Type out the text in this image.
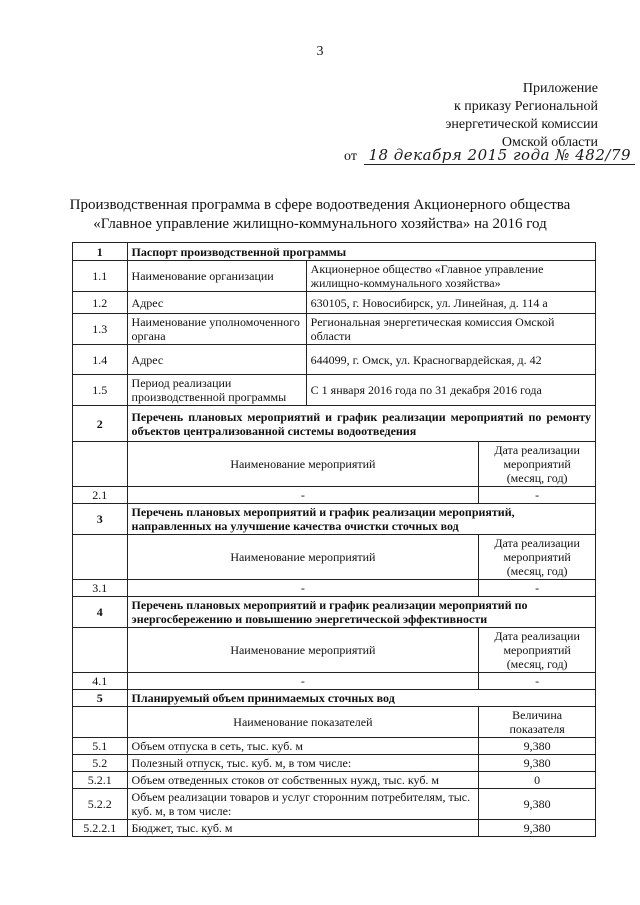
3
Приложение
к приказу Региональной
энергетической комиссии
Омской области
от 18 декабря 2015 года № 482/79
Производственная программа в сфере водоотведения Акционерного общества
«Главное управление жилищно-коммунального хозяйства» на 2016 год
1	Паспорт производственной программы		
1.1	Наименование организации	Акционерное общество «Главное управление жилищно-коммунального хозяйства»	
1.2	Адрес	630105, г. Новосибирск, ул. Линейная, д. 114 а	
1.3	Наименование уполномоченного органа	Региональная энергетическая комиссия Омской области	
1.4	Адрес	644099, г. Омск, ул. Красногвардейская, д. 42	
1.5	Период реализации производственной программы	С 1 января 2016 года по 31 декабря 2016 года	
2	Перечень плановых мероприятий и график реализации мероприятий по ремонту объектов централизованной системы водоотведения		
	Наименование мероприятий		Дата реализации мероприятий (месяц, год)
2.1	-		-
3	Перечень плановых мероприятий и график реализации мероприятий, направленных на улучшение качества очистки сточных вод		
	Наименование мероприятий		Дата реализации мероприятий (месяц, год)
3.1	-		-
4	Перечень плановых мероприятий и график реализации мероприятий по энергосбережению и повышению энергетической эффективности		
	Наименование мероприятий		Дата реализации мероприятий (месяц, год)
4.1	-		-
5	Планируемый объем принимаемых сточных вод		
	Наименование показателей		Величина показателя
5.1	Объем отпуска в сеть, тыс. куб. м		9,380
5.2	Полезный отпуск, тыс. куб. м, в том числе:		9,380
5.2.1	Объем отведенных стоков от собственных нужд, тыс. куб. м		0
5.2.2	Объем реализации товаров и услуг сторонним потребителям, тыс. куб. м, в том числе:		9,380
5.2.2.1	Бюджет, тыс. куб. м		9,380
